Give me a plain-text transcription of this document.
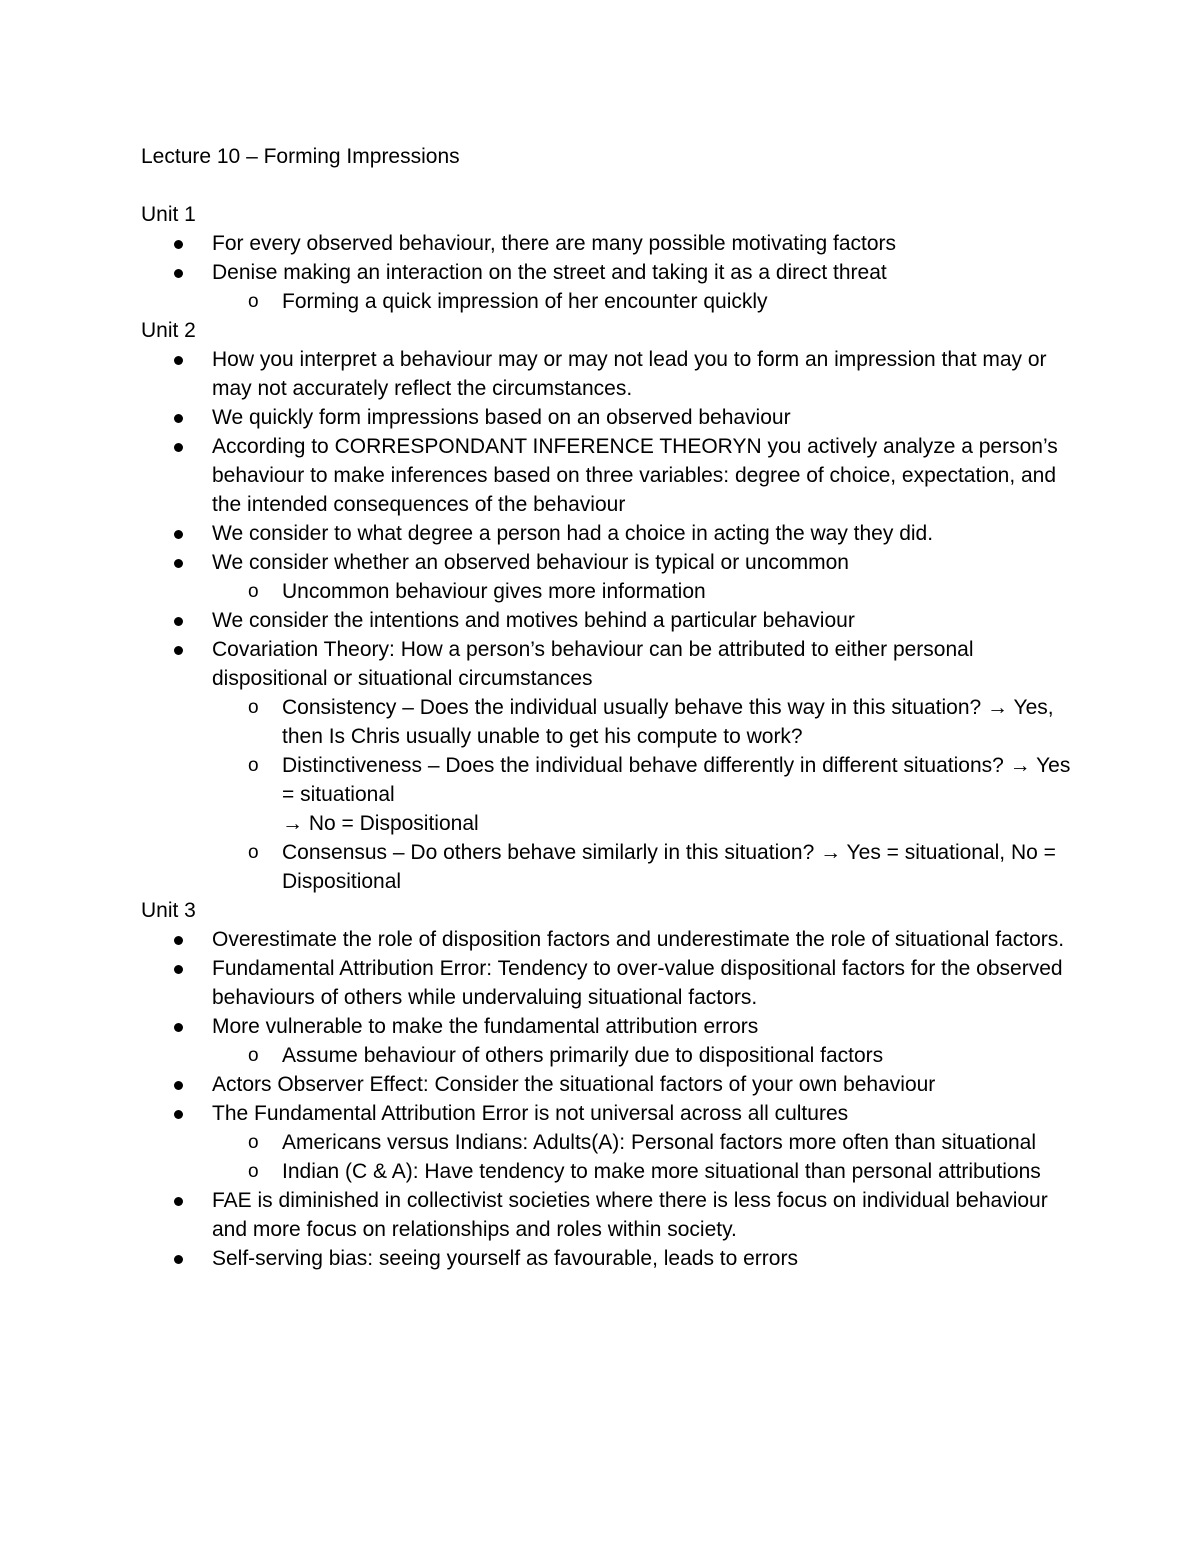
Lecture 10 – Forming Impressions
Unit 1
For every observed behaviour, there are many possible motivating factors
Denise making an interaction on the street and taking it as a direct threat
o Forming a quick impression of her encounter quickly
Unit 2
How you interpret a behaviour may or may not lead you to form an impression that may or may not accurately reflect the circumstances.
We quickly form impressions based on an observed behaviour
According to CORRESPONDANT INFERENCE THEORYN you actively analyze a person’s behaviour to make inferences based on three variables: degree of choice, expectation, and the intended consequences of the behaviour
We consider to what degree a person had a choice in acting the way they did.
We consider whether an observed behaviour is typical or uncommon
o Uncommon behaviour gives more information
We consider the intentions and motives behind a particular behaviour
Covariation Theory: How a person’s behaviour can be attributed to either personal dispositional or situational circumstances
o Consistency – Does the individual usually behave this way in this situation? → Yes, then Is Chris usually unable to get his compute to work?
o Distinctiveness – Does the individual behave differently in different situations? → Yes = situational
→ No = Dispositional
o Consensus – Do others behave similarly in this situation? → Yes = situational, No = Dispositional
Unit 3
Overestimate the role of disposition factors and underestimate the role of situational factors.
Fundamental Attribution Error: Tendency to over-value dispositional factors for the observed behaviours of others while undervaluing situational factors.
More vulnerable to make the fundamental attribution errors
o Assume behaviour of others primarily due to dispositional factors
Actors Observer Effect: Consider the situational factors of your own behaviour
The Fundamental Attribution Error is not universal across all cultures
o Americans versus Indians: Adults(A): Personal factors more often than situational
o Indian (C & A): Have tendency to make more situational than personal attributions
FAE is diminished in collectivist societies where there is less focus on individual behaviour and more focus on relationships and roles within society.
Self-serving bias: seeing yourself as favourable, leads to errors
